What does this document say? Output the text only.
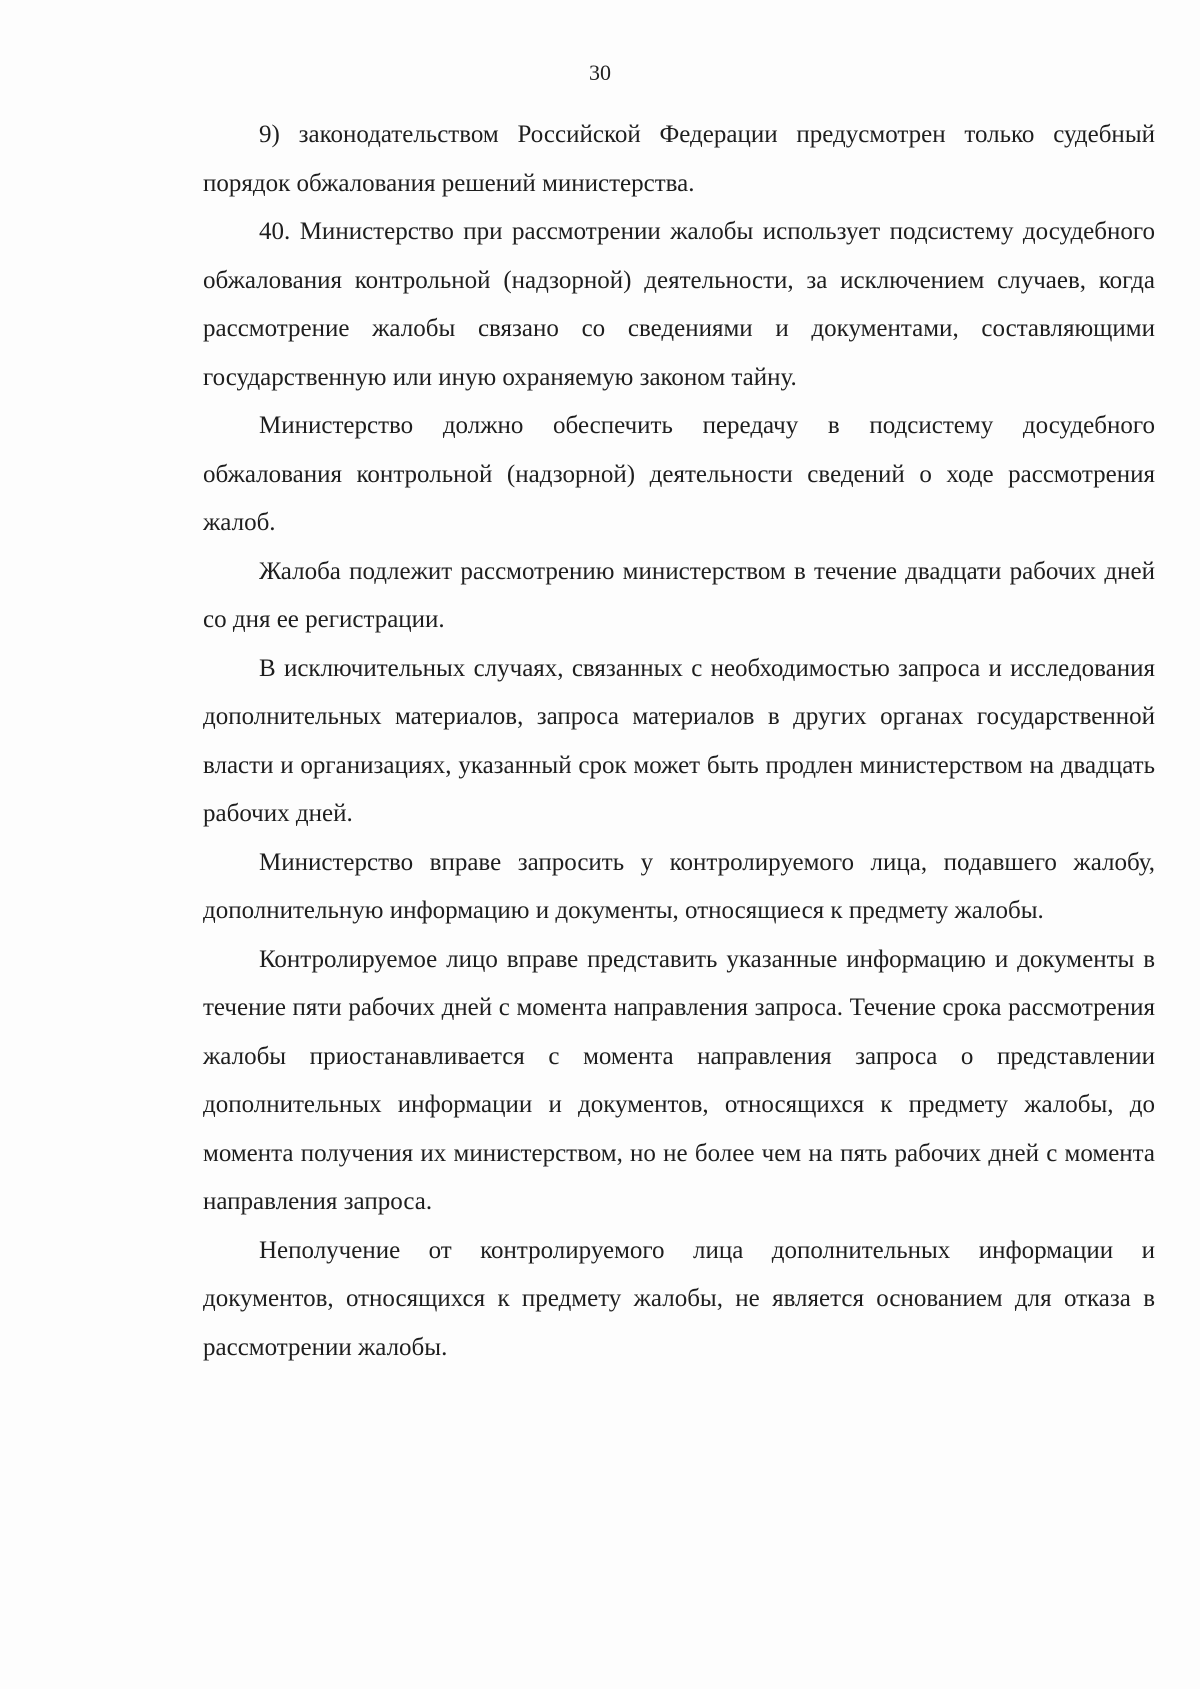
30

9) законодательством Российской Федерации предусмотрен только судебный порядок обжалования решений министерства.

40. Министерство при рассмотрении жалобы использует подсистему досудебного обжалования контрольной (надзорной) деятельности, за исключением случаев, когда рассмотрение жалобы связано со сведениями и документами, составляющими государственную или иную охраняемую законом тайну.

Министерство должно обеспечить передачу в подсистему досудебного обжалования контрольной (надзорной) деятельности сведений о ходе рассмотрения жалоб.

Жалоба подлежит рассмотрению министерством в течение двадцати рабочих дней со дня ее регистрации.

В исключительных случаях, связанных с необходимостью запроса и исследования дополнительных материалов, запроса материалов в других органах государственной власти и организациях, указанный срок может быть продлен министерством на двадцать рабочих дней.

Министерство вправе запросить у контролируемого лица, подавшего жалобу, дополнительную информацию и документы, относящиеся к предмету жалобы.

Контролируемое лицо вправе представить указанные информацию и документы в течение пяти рабочих дней с момента направления запроса. Течение срока рассмотрения жалобы приостанавливается с момента направления запроса о представлении дополнительных информации и документов, относящихся к предмету жалобы, до момента получения их министерством, но не более чем на пять рабочих дней с момента направления запроса.

Неполучение от контролируемого лица дополнительных информации и документов, относящихся к предмету жалобы, не является основанием для отказа в рассмотрении жалобы.
